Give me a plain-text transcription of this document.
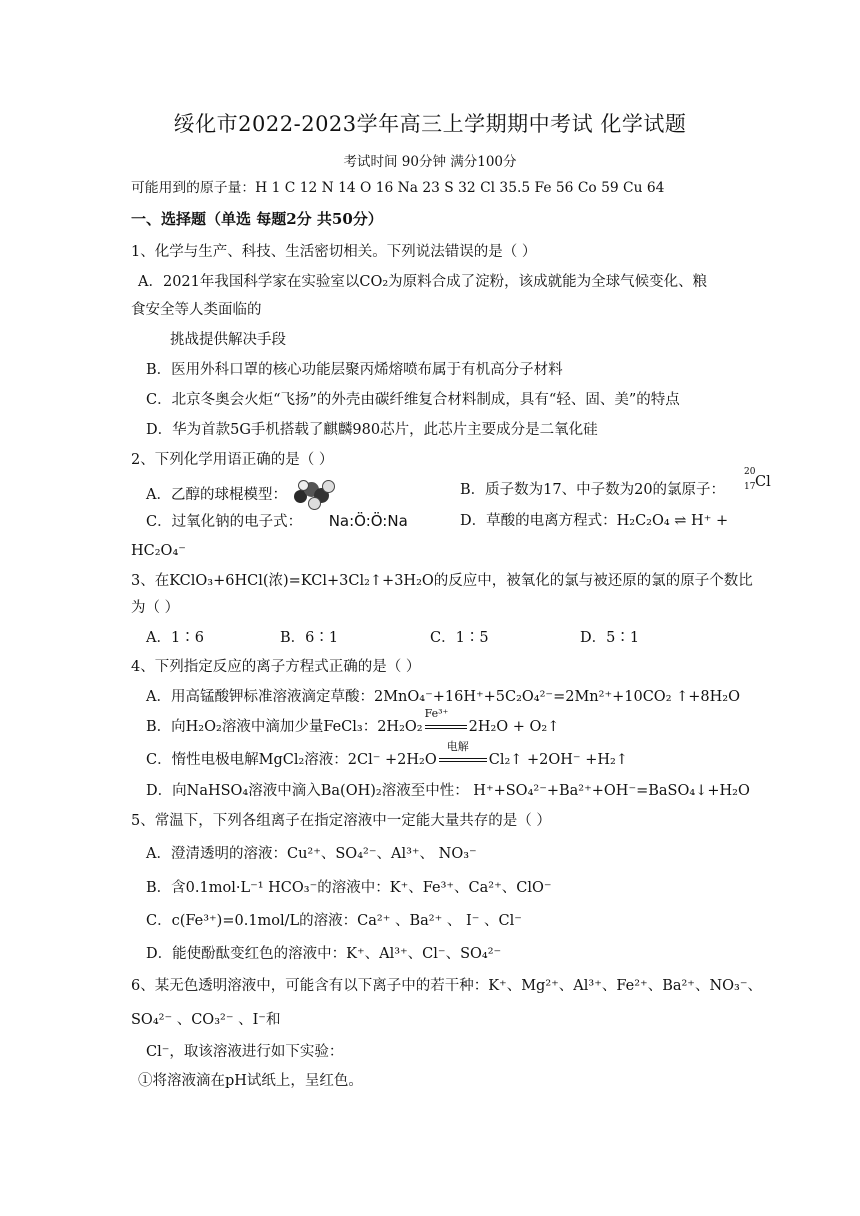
绥化市2022-2023学年高三上学期期中考试 化学试题
考试时间 90分钟 满分100分
可能用到的原子量：H 1 C 12 N 14 O 16 Na 23 S 32 Cl 35.5 Fe 56 Co 59 Cu 64
一、选择题（单选 每题2分 共50分）
1、化学与生产、科技、生活密切相关。下列说法错误的是（ ）
A．2021年我国科学家在实验室以CO₂为原料合成了淀粉，该成就能为全球气候变化、粮
食安全等人类面临的
挑战提供解决手段
B．医用外科口罩的核心功能层聚丙烯熔喷布属于有机高分子材料
C．北京冬奥会火炬“飞扬”的外壳由碳纤维复合材料制成，具有“轻、固、美”的特点
D．华为首款5G手机搭载了麒麟980芯片，此芯片主要成分是二氧化硅
2、下列化学用语正确的是（ ）
A．乙醇的球棍模型：	B．质子数为17、中子数为20的氯原子：
20
17 Cl
C．过氧化钠的电子式： Na:Ö:Ö:Na	D．草酸的电离方程式：H₂C₂O₄ ⇌ H⁺ +
HC₂O₄⁻
3、在KClO₃+6HCl(浓)=KCl+3Cl₂↑+3H₂O的反应中，被氧化的氯与被还原的氯的原子个数比
为（ ）
A．1∶6	B．6∶1	C．1∶5	D．5∶1
4、下列指定反应的离子方程式正确的是（ ）
A．用高锰酸钾标准溶液滴定草酸：2MnO₄⁻+16H⁺+5C₂O₄²⁻=2Mn²⁺+10CO₂ ↑+8H₂O
B．向H₂O₂溶液中滴加少量FeCl₃：2H₂O₂
Fe³⁺
2H₂O + O₂↑
C．惰性电极电解MgCl₂溶液：2Cl⁻ +2H₂O
电解
Cl₂↑ +2OH⁻ +H₂↑
D．向NaHSO₄溶液中滴入Ba(OH)₂溶液至中性： H⁺+SO₄²⁻+Ba²⁺+OH⁻=BaSO₄↓+H₂O
5、常温下，下列各组离子在指定溶液中一定能大量共存的是（ ）
A．澄清透明的溶液：Cu²⁺、SO₄²⁻、Al³⁺、 NO₃⁻
B．含0.1mol·L⁻¹ HCO₃⁻的溶液中：K⁺、Fe³⁺、Ca²⁺、ClO⁻
C．c(Fe³⁺)=0.1mol/L的溶液：Ca²⁺ 、Ba²⁺ 、 I⁻ 、Cl⁻
D．能使酚酞变红色的溶液中：K⁺、Al³⁺、Cl⁻、SO₄²⁻
6、某无色透明溶液中，可能含有以下离子中的若干种：K⁺、Mg²⁺、Al³⁺、Fe²⁺、Ba²⁺、NO₃⁻、
SO₄²⁻ 、CO₃²⁻ 、I⁻和
Cl⁻，取该溶液进行如下实验：
①将溶液滴在pH试纸上，呈红色。
